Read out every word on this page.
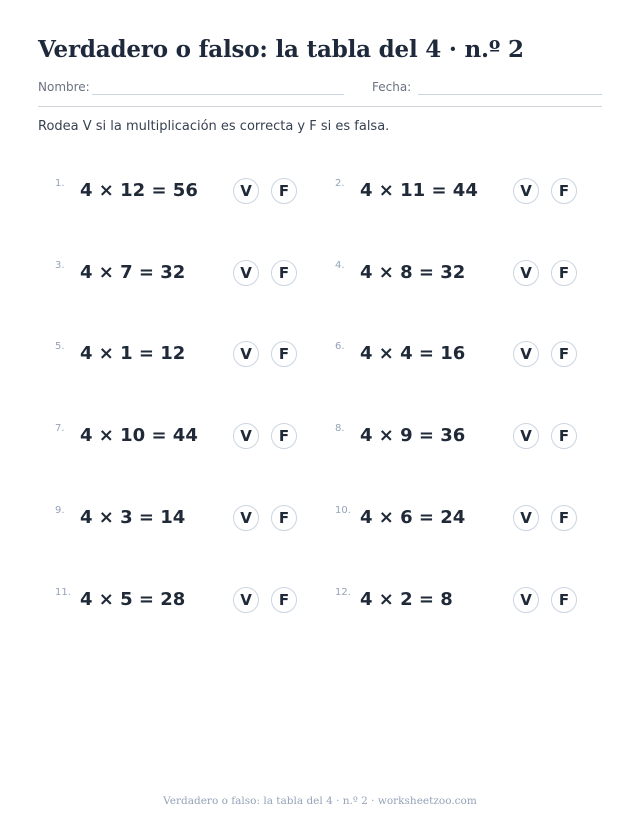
Verdadero o falso: la tabla del 4 · n.º 2
Nombre:	Fecha:
Rodea V si la multiplicación es correcta y F si es falsa.
1. 4 × 12 = 56	V	F	2. 4 × 11 = 44	V	F
3. 4 × 7 = 32	V	F	4. 4 × 8 = 32	V	F
5. 4 × 1 = 12	V	F	6. 4 × 4 = 16	V	F
7. 4 × 10 = 44	V	F	8. 4 × 9 = 36	V	F
9. 4 × 3 = 14	V	F	10. 4 × 6 = 24	V	F
11. 4 × 5 = 28	V	F	12. 4 × 2 = 8	V	F
Verdadero o falso: la tabla del 4 · n.º 2 · worksheetzoo.com
